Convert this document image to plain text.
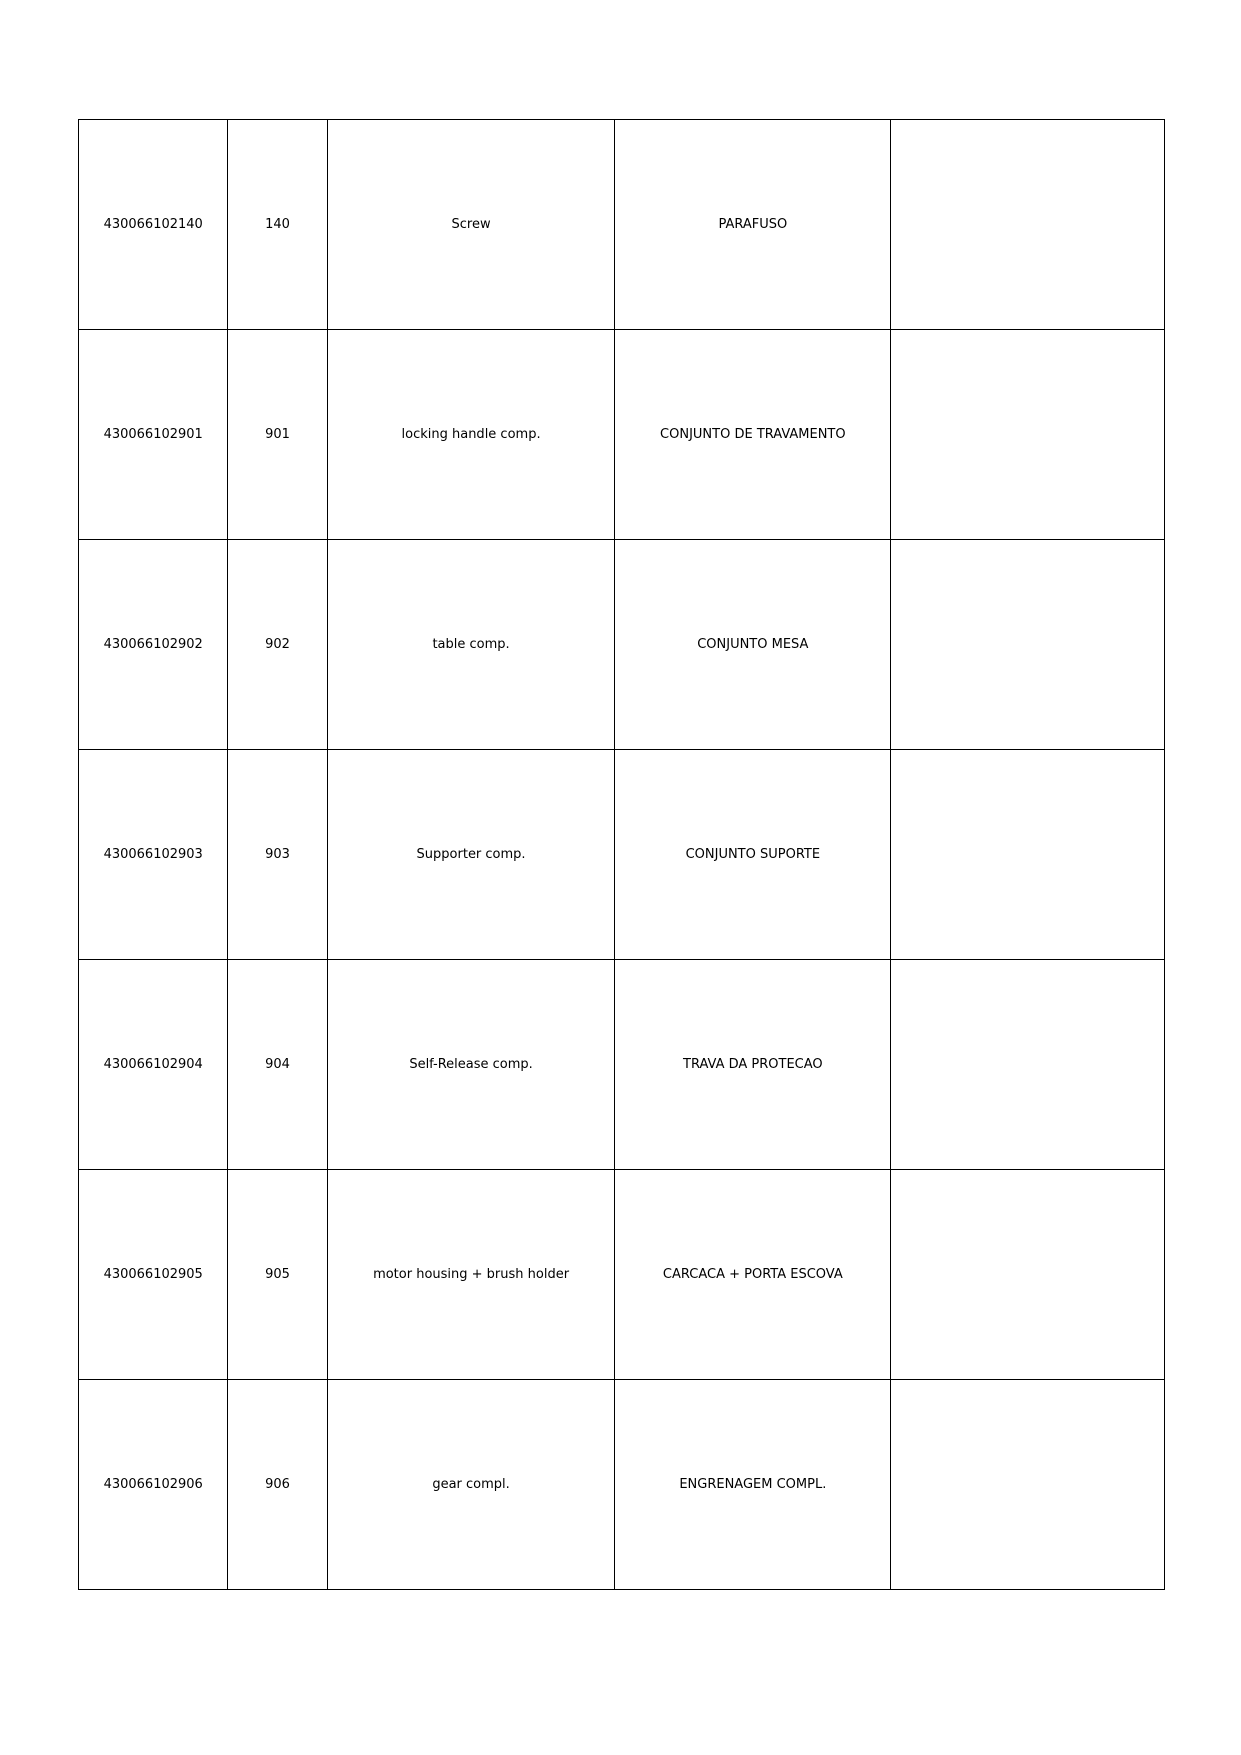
430066102140	140	Screw	PARAFUSO	
430066102901	901	locking handle comp.	CONJUNTO DE TRAVAMENTO	
430066102902	902	table comp.	CONJUNTO MESA	
430066102903	903	Supporter comp.	CONJUNTO SUPORTE	
430066102904	904	Self-Release comp.	TRAVA DA PROTECAO	
430066102905	905	motor housing + brush holder	CARCACA + PORTA ESCOVA	
430066102906	906	gear compl.	ENGRENAGEM COMPL.	
